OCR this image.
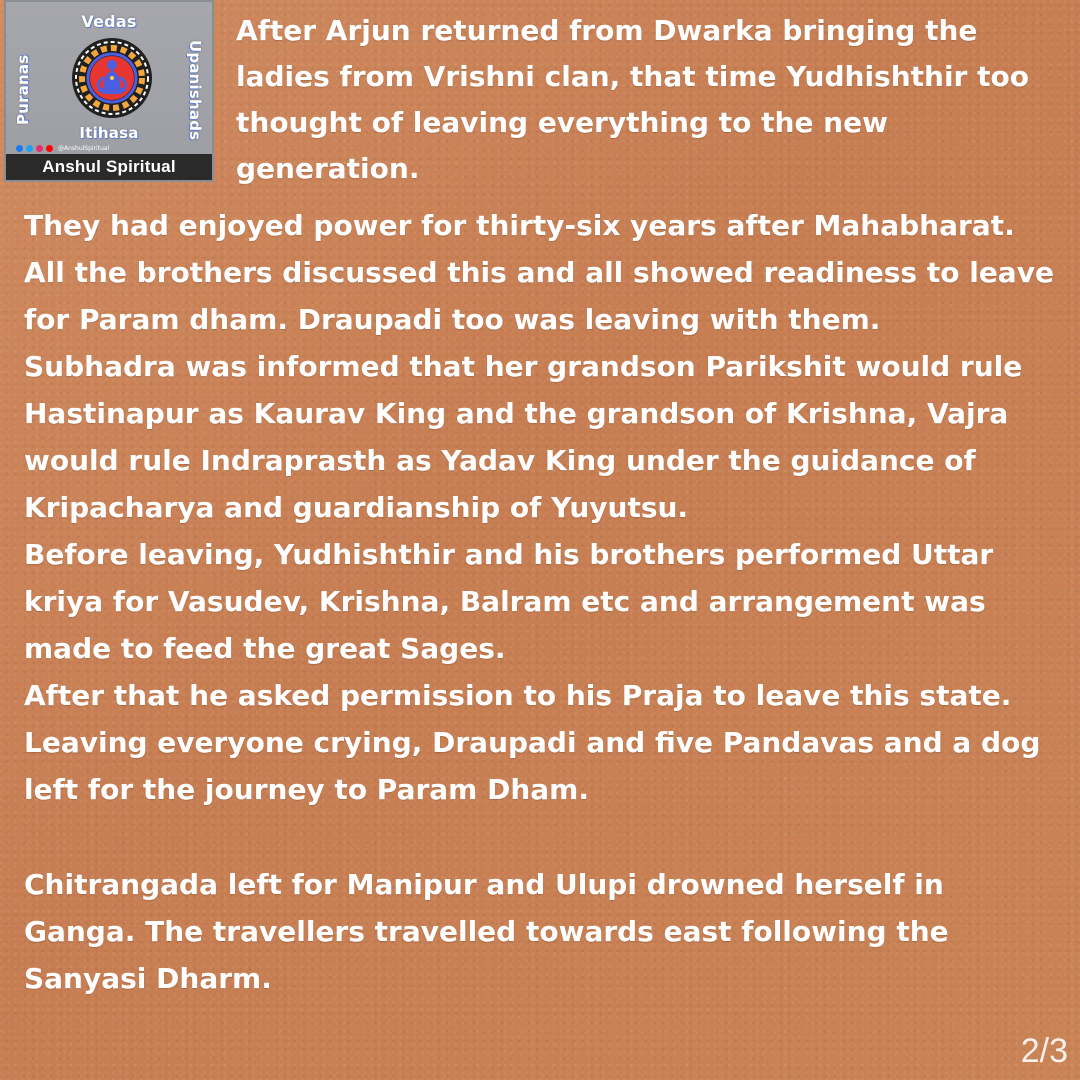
Vedas
Puranas	Upanishads
Itihasa
@AnshulSpiritual
Anshul Spiritual

After Arjun returned from Dwarka bringing the ladies from Vrishni clan, that time Yudhishthir too thought of leaving everything to the new generation.

They had enjoyed power for thirty-six years after Mahabharat. All the brothers discussed this and all showed readiness to leave for Param dham. Draupadi too was leaving with them.

Subhadra was informed that her grandson Parikshit would rule Hastinapur as Kaurav King and the grandson of Krishna, Vajra would rule Indraprasth as Yadav King under the guidance of Kripacharya and guardianship of Yuyutsu.

Before leaving, Yudhishthir and his brothers performed Uttar kriya for Vasudev, Krishna, Balram etc and arrangement was made to feed the great Sages.

After that he asked permission to his Praja to leave this state. Leaving everyone crying, Draupadi and five Pandavas and a dog left for the journey to Param Dham.

Chitrangada left for Manipur and Ulupi drowned herself in Ganga. The travellers travelled towards east following the Sanyasi Dharm.

2/3
